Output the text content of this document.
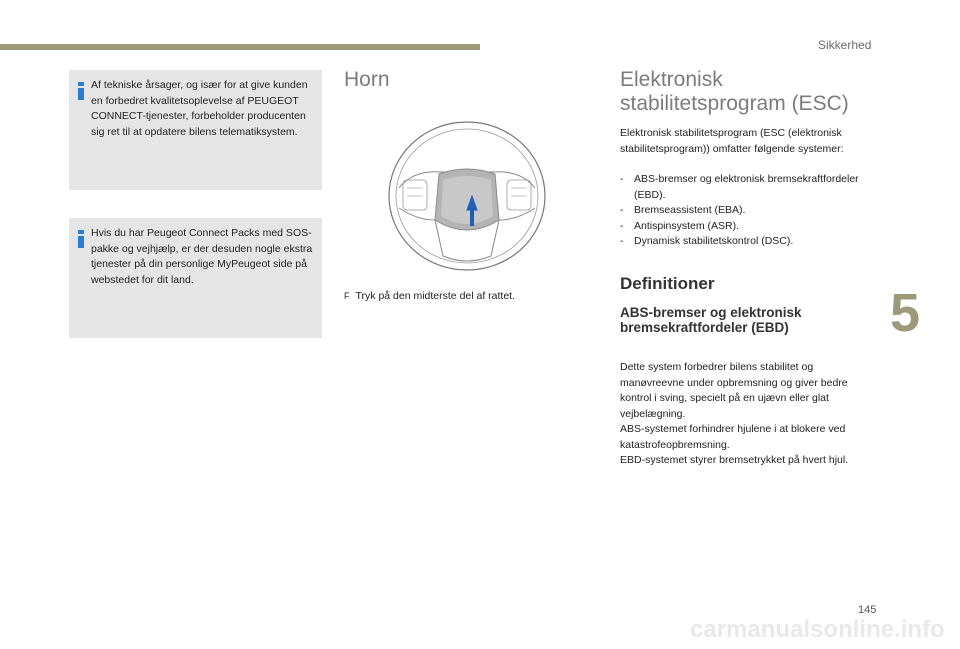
Sikkerhed
Af tekniske årsager, og især for at give kunden en forbedret kvalitetsoplevelse af PEUGEOT CONNECT-tjenester, forbeholder producenten sig ret til at opdatere bilens telematiksystem.
Hvis du har Peugeot Connect Packs med SOS-pakke og vejhjælp, er der desuden nogle ekstra tjenester på din personlige MyPeugeot side på webstedet for dit land.
Horn
F Tryk på den midterste del af rattet.
Elektronisk
stabilitetsprogram (ESC)
Elektronisk stabilitetsprogram (ESC (elektronisk stabilitetsprogram)) omfatter følgende systemer:
- ABS-bremser og elektronisk bremsekraftfordeler (EBD).
- Bremseassistent (EBA).
- Antispinsystem (ASR).
- Dynamisk stabilitetskontrol (DSC).
Definitioner
ABS-bremser og elektronisk
bremsekraftfordeler (EBD)
Dette system forbedrer bilens stabilitet og manøvreevne under opbremsning og giver bedre kontrol i sving, specielt på en ujævn eller glat vejbelægning.
ABS-systemet forhindrer hjulene i at blokere ved katastrofeopbremsning.
EBD-systemet styrer bremsetrykket på hvert hjul.
5
145
carmanualsonline.info
